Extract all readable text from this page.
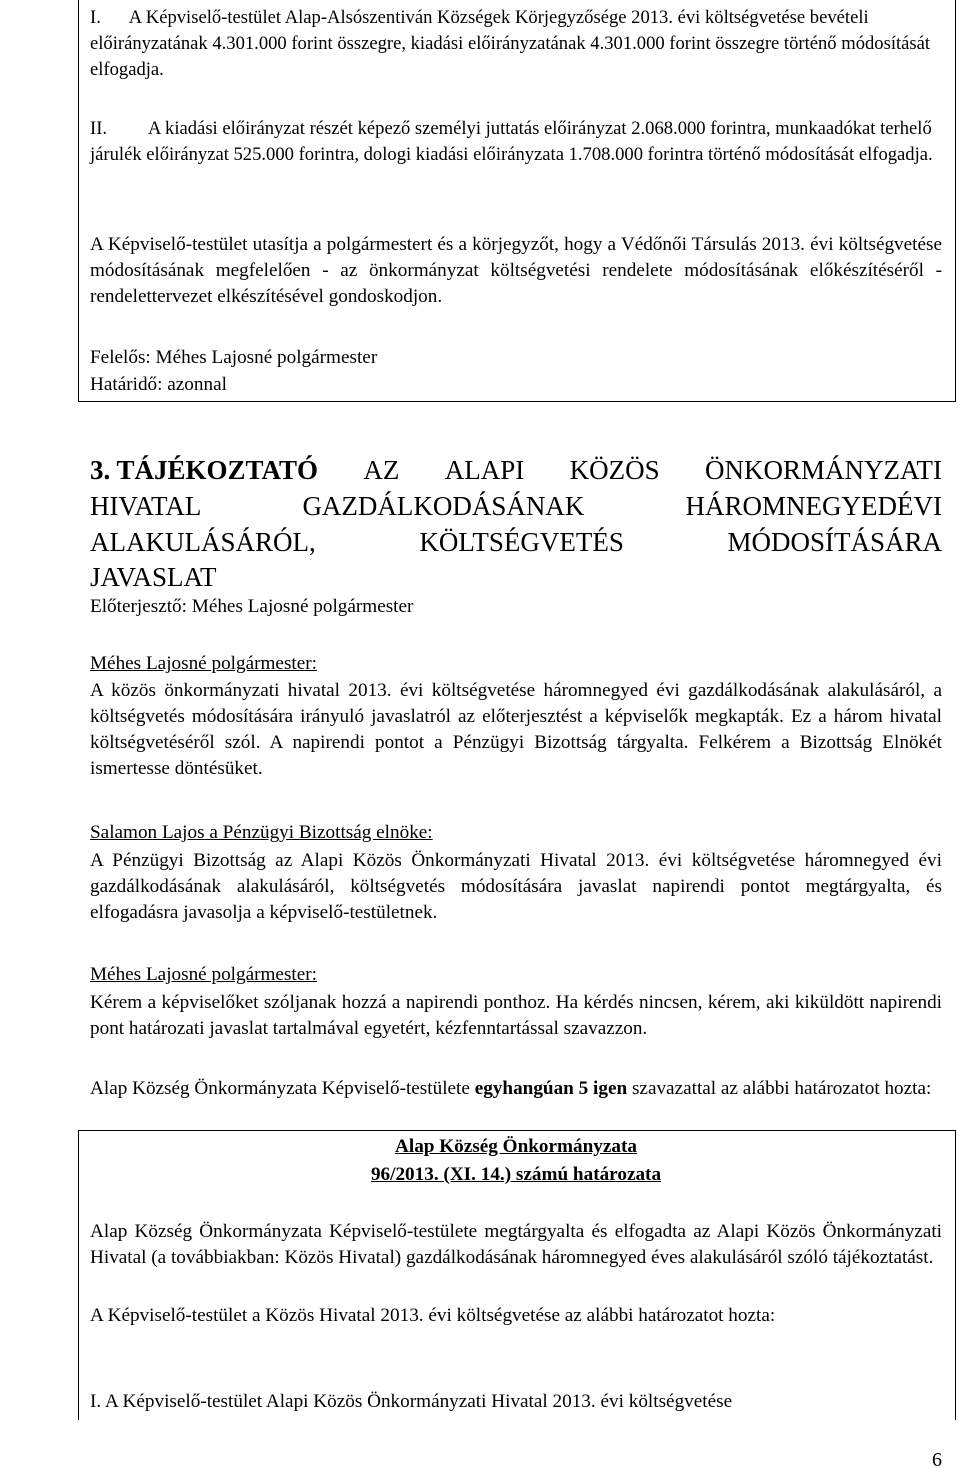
I.      A Képviselő-testület Alap-Alsószentiván Községek Körjegyzősége 2013. évi költségvetése bevételi előirányzatának 4.301.000 forint összegre, kiadási előirányzatának 4.301.000 forint összegre történő módosítását elfogadja.

II. A kiadási előirányzat részét képező személyi juttatás előirányzat 2.068.000 forintra, munkaadókat terhelő járulék előirányzat 525.000 forintra, dologi kiadási előirányzata 1.708.000 forintra történő módosítását elfogadja.

A Képviselő-testület utasítja a polgármestert és a körjegyzőt, hogy a Védőnői Társulás 2013. évi költségvetése módosításának megfelelően - az önkormányzat költségvetési rendelete módosításának előkészítéséről - rendelettervezet elkészítésével gondoskodjon.

Felelős: Méhes Lajosné polgármester

Határidő: azonnal

3. TÁJÉKOZTATÓ AZ ALAPI KÖZÖS ÖNKORMÁNYZATI
HIVATAL	GAZDÁLKODÁSÁNAK	HÁROMNEGYEDÉVI
ALAKULÁSÁRÓL,	KÖLTSÉGVETÉS	MÓDOSÍTÁSÁRA
JAVASLAT

Előterjesztő: Méhes Lajosné polgármester

Méhes Lajosné polgármester:

A közös önkormányzati hivatal 2013. évi költségvetése háromnegyed évi gazdálkodásának alakulásáról, a költségvetés módosítására irányuló javaslatról az előterjesztést a képviselők megkapták. Ez a három hivatal költségvetéséről szól. A napirendi pontot a Pénzügyi Bizottság tárgyalta. Felkérem a Bizottság Elnökét ismertesse döntésüket.

Salamon Lajos a Pénzügyi Bizottság elnöke:

A Pénzügyi Bizottság az Alapi Közös Önkormányzati Hivatal 2013. évi költségvetése háromnegyed évi gazdálkodásának alakulásáról, költségvetés módosítására javaslat napirendi pontot megtárgyalta, és elfogadásra javasolja a képviselő-testületnek.

Méhes Lajosné polgármester:

Kérem a képviselőket szóljanak hozzá a napirendi ponthoz. Ha kérdés nincsen, kérem, aki kiküldött napirendi pont határozati javaslat tartalmával egyetért, kézfenntartással szavazzon.

Alap Község Önkormányzata Képviselő-testülete egyhangúan 5 igen szavazattal az alábbi határozatot hozta:

Alap Község Önkormányzata

96/2013. (XI. 14.) számú határozata

Alap Község Önkormányzata Képviselő-testülete megtárgyalta és elfogadta az Alapi Közös Önkormányzati Hivatal (a továbbiakban: Közös Hivatal) gazdálkodásának háromnegyed éves alakulásáról szóló tájékoztatást.

A Képviselő-testület a Közös Hivatal 2013. évi költségvetése az alábbi határozatot hozta:

I. A Képviselő-testület Alapi Közös Önkormányzati Hivatal 2013. évi költségvetése

6
